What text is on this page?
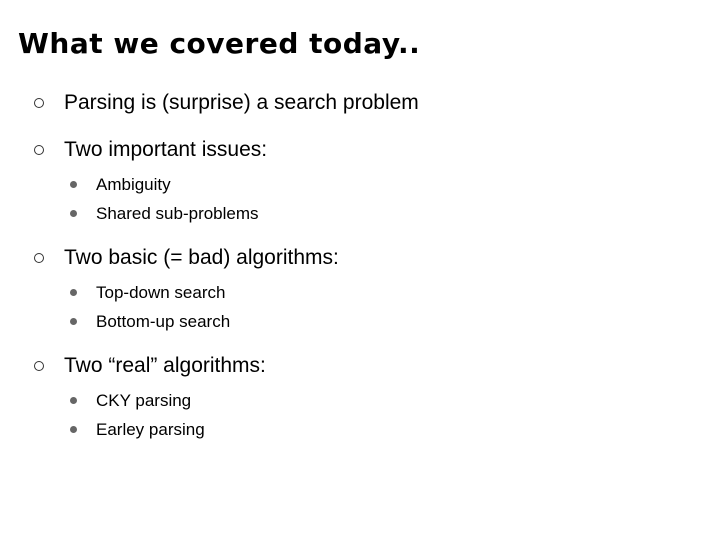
What we covered today..
Parsing is (surprise) a search problem
Two important issues:
Ambiguity
Shared sub-problems
Two basic (= bad) algorithms:
Top-down search
Bottom-up search
Two “real” algorithms:
CKY parsing
Earley parsing
